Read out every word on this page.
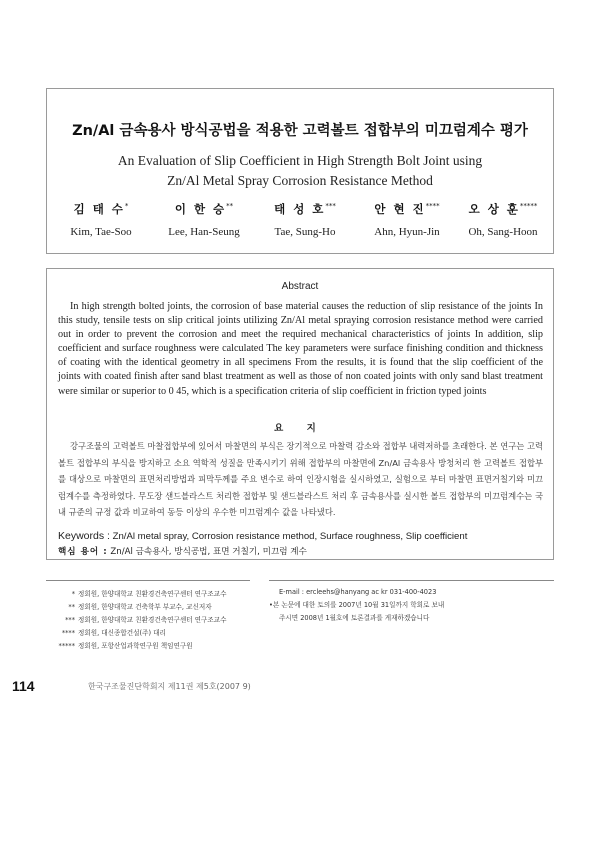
Zn/Al 금속용사 방식공법을 적용한 고력볼트 접합부의 미끄럼계수 평가
An Evaluation of Slip Coefficient in High Strength Bolt Joint using
Zn/Al Metal Spray Corrosion Resistance Method
김 태 수*
Kim, Tae-Soo
이 한 승**
Lee, Han-Seung
태 성 호***
Tae, Sung-Ho
안 현 진****
Ahn, Hyun-Jin
오 상 훈*****
Oh, Sang-Hoon
Abstract
In high strength bolted joints, the corrosion of base material causes the reduction of slip resistance of the joints In this study, tensile tests on slip critical joints utilizing Zn/Al metal spraying corrosion resistance method were carried out in order to prevent the corrosion and meet the required mechanical characteristics of joints In addition, slip coefficient and surface roughness were calculated The key parameters were surface finishing condition and thickness of coating with the identical geometry in all specimens From the results, it is found that the slip coefficient of the joints with coated finish after sand blast treatment as well as those of non coated joints with only sand blast treatment were similar or superior to 0 45, which is a specification criteria of slip coefficient in friction typed joints
요 지
강구조물의 고력볼트 마찰접합부에 있어서 마찰면의 부식은 장기적으로 마찰력 감소와 접합부 내력저하를 초래한다. 본 연구는 고력볼트 접합부의 부식을 방지하고 소요 역학적 성질을 만족시키기 위해 접합부의 마찰면에 Zn/Al 금속용사 방청처리 한 고력볼트 접합부를 대상으로 마찰면의 표면처리방법과 피막두께를 주요 변수로 하여 인장시험을 실시하였고, 실험으로 부터 마찰면 표면거칠기와 미끄럼계수를 측정하였다. 무도장 샌드블라스트 처리한 접합부 및 샌드블라스트 처리 후 금속용사를 실시한 볼트 접합부의 미끄럼계수는 국내 규준의 규정 값과 비교하여 동등 이상의 우수한 미끄럼계수 값을 나타냈다.
Keywords : Zn/Al metal spray, Corrosion resistance method, Surface roughness, Slip coefficient
핵심 용어 : Zn/Al 금속용사, 방식공법, 표면 거칠기, 미끄럼 계수
* 정회원, 한양대학교 친환경건축연구센터 연구조교수
** 정회원, 한양대학교 건축학부 부교수, 교신저자
*** 정회원, 한양대학교 친환경건축연구센터 연구조교수
**** 정회원, 대신종합건설(주) 대리
***** 정회원, 포항산업과학연구원 책임연구원
E-mail : ercleehs@hanyang ac kr 031-400-4023
•본 논문에 대한 토의를 2007년 10월 31일까지 학회로 보내
주시면 2008년 1월호에 토론결과를 게재하겠습니다
114	한국구조물진단학회지 제11권 제5호(2007 9)
